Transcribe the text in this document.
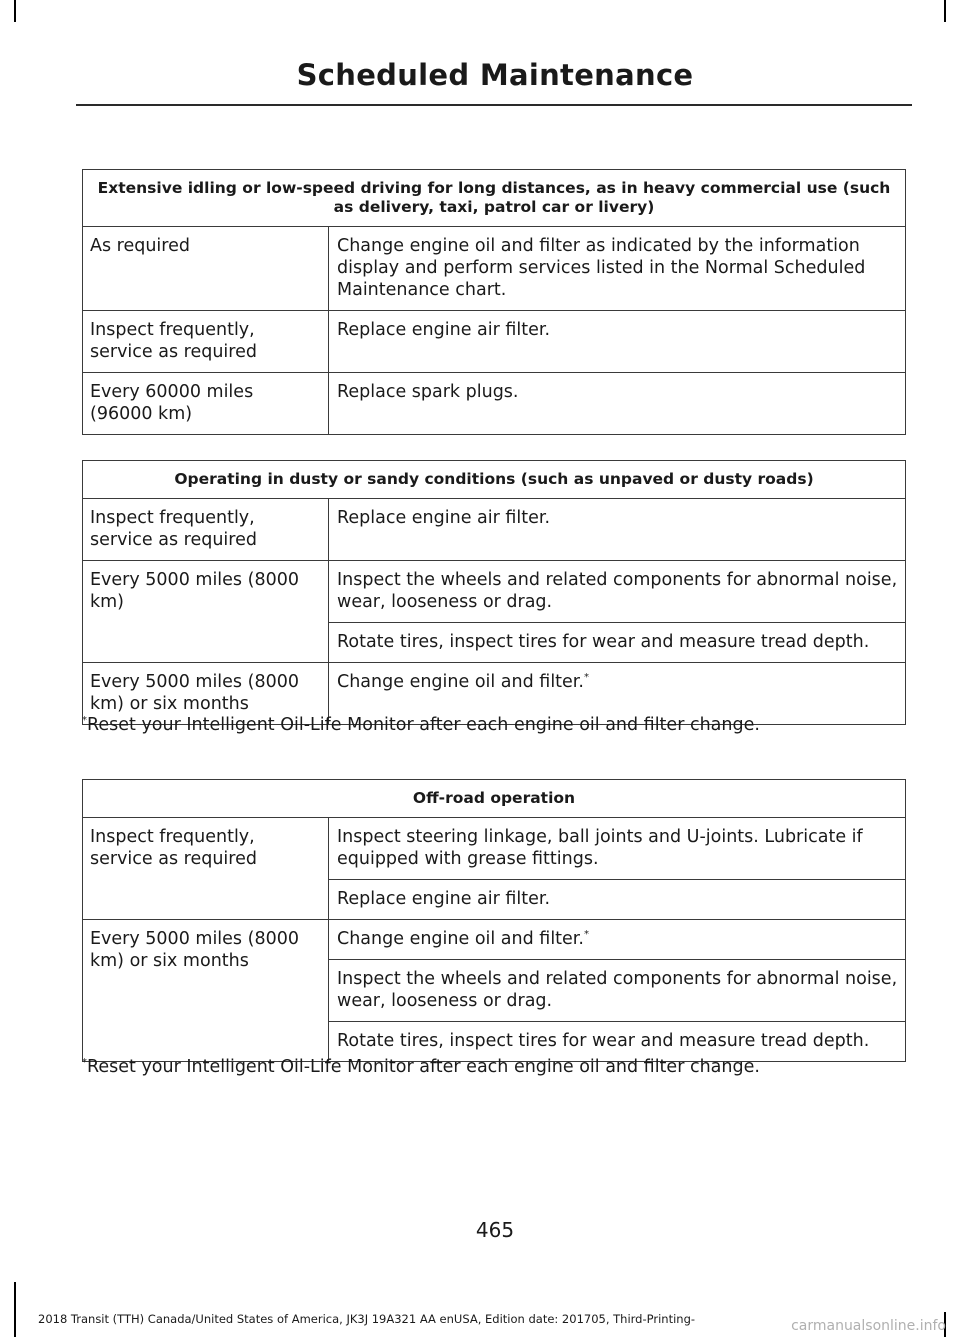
Scheduled Maintenance
Extensive idling or low-speed driving for long distances, as in heavy commercial use (such as delivery, taxi, patrol car or livery)	
As required	Change engine oil and filter as indicated by the information display and perform services listed in the Normal Scheduled Maintenance chart.
Inspect frequently, service as required	Replace engine air filter.
Every 60000 miles (96000 km)	Replace spark plugs.
Operating in dusty or sandy conditions (such as unpaved or dusty roads)	
Inspect frequently, service as required	Replace engine air filter.
Every 5000 miles (8000 km)	Inspect the wheels and related components for abnormal noise, wear, looseness or drag.
	Rotate tires, inspect tires for wear and measure tread depth.
Every 5000 miles (8000 km) or six months	Change engine oil and filter.*
*Reset your Intelligent Oil-Life Monitor after each engine oil and filter change.
Off-road operation	
Inspect frequently, service as required	Inspect steering linkage, ball joints and U-joints. Lubricate if equipped with grease fittings.
	Replace engine air filter.
Every 5000 miles (8000 km) or six months	Change engine oil and filter.*
	Inspect the wheels and related components for abnormal noise, wear, looseness or drag.
	Rotate tires, inspect tires for wear and measure tread depth.
*Reset your Intelligent Oil-Life Monitor after each engine oil and filter change.
465
2018 Transit (TTH) Canada/United States of America, JK3J 19A321 AA enUSA, Edition date: 201705, Third-Printing-	carmanualsonline.info
